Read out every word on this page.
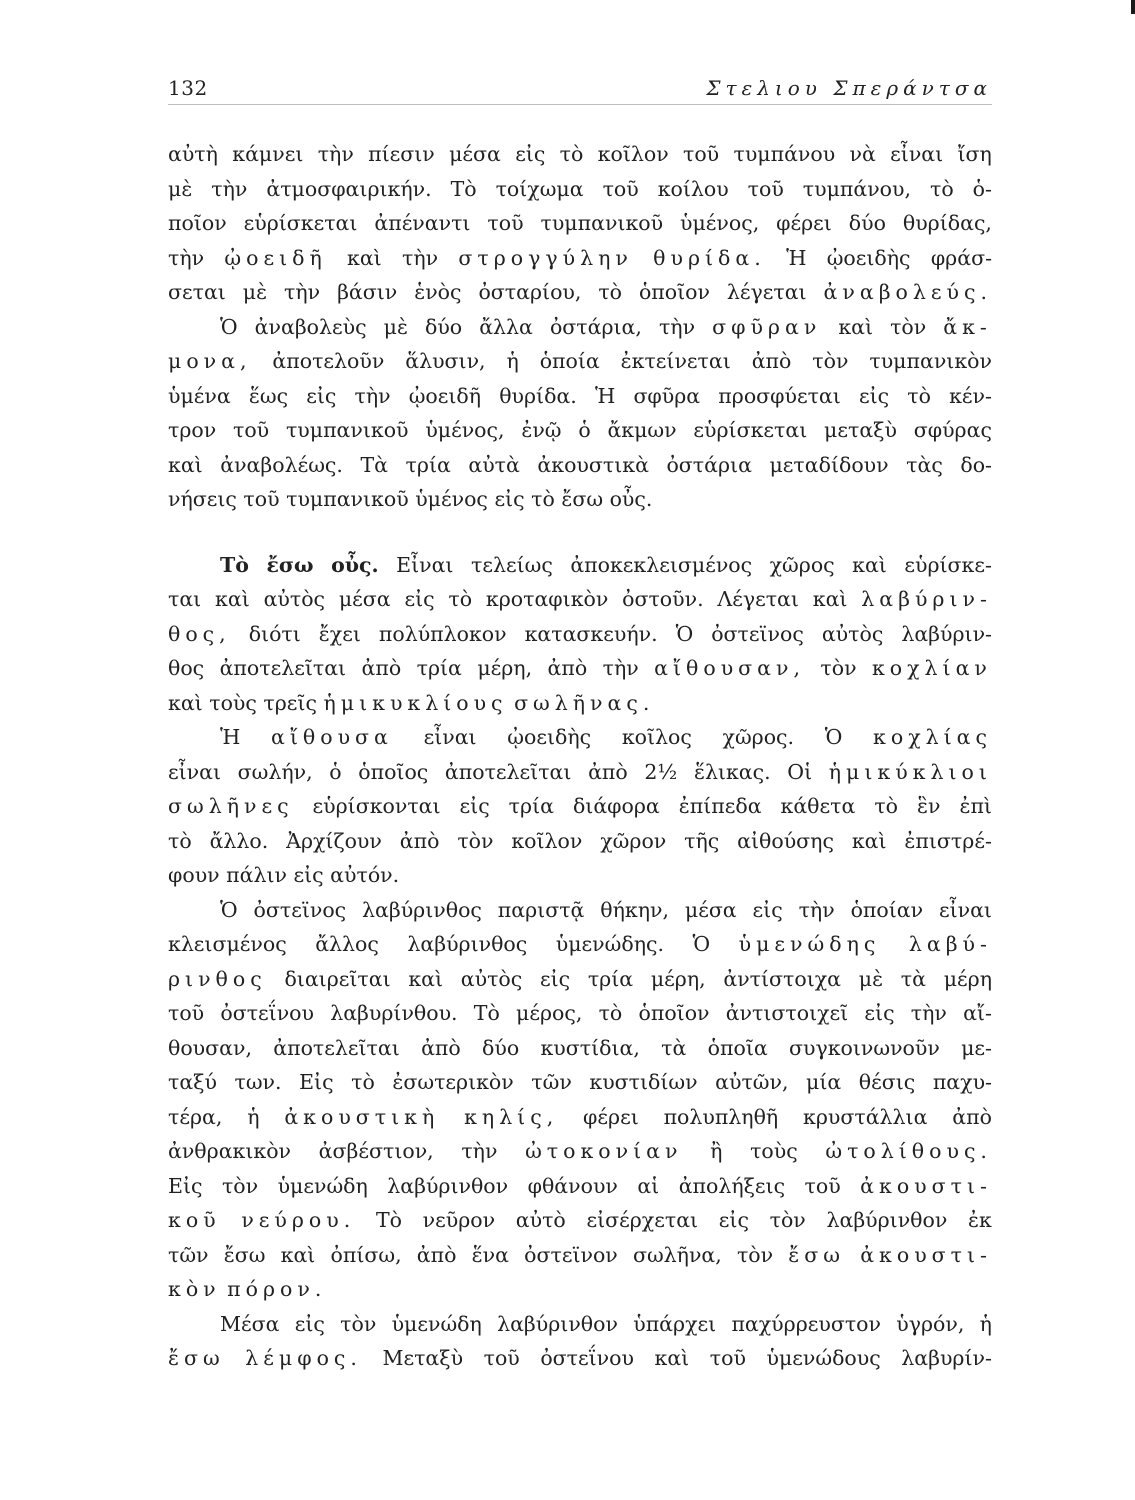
132	Στελιου Σπεράντσα
αὐτὴ κάμνει τὴν πίεσιν μέσα εἰς τὸ κοῖλον τοῦ τυμπάνου νὰ εἶναι ἴση
μὲ τὴν ἀτμοσφαιρικήν. Τὸ τοίχωμα τοῦ κοίλου τοῦ τυμπάνου, τὸ ὁ-
ποῖον εὑρίσκεται ἀπέναντι τοῦ τυμπανικοῦ ὑμένος, φέρει δύο θυρίδας,
τὴν ᾠοειδῆ καὶ τὴν στρογγύλην θυρίδα. Ἡ ᾠοειδὴς φράσ-
σεται μὲ τὴν βάσιν ἑνὸς ὀσταρίου, τὸ ὁποῖον λέγεται ἀναβολεύς.
Ὁ ἀναβολεὺς μὲ δύο ἄλλα ὀστάρια, τὴν σφῦραν καὶ τὸν ἄκ-
μονα, ἀποτελοῦν ἅλυσιν, ἡ ὁποία ἐκτείνεται ἀπὸ τὸν τυμπανικὸν
ὑμένα ἕως εἰς τὴν ᾠοειδῆ θυρίδα. Ἡ σφῦρα προσφύεται εἰς τὸ κέν-
τρον τοῦ τυμπανικοῦ ὑμένος, ἐνῷ ὁ ἄκμων εὑρίσκεται μεταξὺ σφύρας
καὶ ἀναβολέως. Τὰ τρία αὐτὰ ἀκουστικὰ ὀστάρια μεταδίδουν τὰς δο-
νήσεις
τοῦ
τυμπανικοῦ
ὑμένος
εἰς
τὸ
ἔσω
οὖς.
Τὸ ἔσω οὖς. Εἶναι τελείως ἀποκεκλεισμένος χῶρος καὶ εὑρίσκε-
ται καὶ αὐτὸς μέσα εἰς τὸ κροταφικὸν ὀστοῦν. Λέγεται καὶ λαβύριν-
θος, διότι ἔχει πολύπλοκον κατασκευήν. Ὁ ὀστεϊνος αὐτὸς λαβύριν-
θος ἀποτελεῖται ἀπὸ τρία μέρη, ἀπὸ τὴν αἴθουσαν, τὸν κοχλίαν
καὶ
τοὺς
τρεῖς
ἡμικυκλίους
σωλῆνας .
Ἡ αἴθουσα εἶναι ᾠοειδὴς κοῖλος χῶρος. Ὁ κοχλίας
εἶναι σωλήν, ὁ ὁποῖος ἀποτελεῖται ἀπὸ 2½ ἕλικας. Οἱ ἡμικύκλιοι
σωλῆνες εὑρίσκονται εἰς τρία διάφορα ἐπίπεδα κάθετα τὸ ἓν ἐπὶ
τὸ ἄλλο. Ἀρχίζουν ἀπὸ τὸν κοῖλον χῶρον τῆς αἰθούσης καὶ ἐπιστρέ-
φουν
πάλιν
εἰς
αὐτόν.
Ὁ ὀστεϊνος λαβύρινθος παριστᾷ θήκην, μέσα εἰς τὴν ὁποίαν εἶναι
κλεισμένος ἄλλος λαβύρινθος ὑμενώδης. Ὁ ὑμενώδης λαβύ-
ρινθος διαιρεῖται καὶ αὐτὸς εἰς τρία μέρη, ἀντίστοιχα μὲ τὰ μέρη
τοῦ ὀστεΐνου λαβυρίνθου. Τὸ μέρος, τὸ ὁποῖον ἀντιστοιχεῖ εἰς τὴν αἴ-
θουσαν, ἀποτελεῖται ἀπὸ δύο κυστίδια, τὰ ὁποῖα συγκοινωνοῦν με-
ταξύ των. Εἰς τὸ ἐσωτερικὸν τῶν κυστιδίων αὐτῶν, μία θέσις παχυ-
τέρα, ἡ ἀκουστικὴ κηλίς, φέρει πολυπληθῆ κρυστάλλια ἀπὸ
ἀνθρακικὸν ἀσβέστιον, τὴν ὠτοκονίαν ἢ τοὺς ὠτολίθους.
Εἰς τὸν ὑμενώδη λαβύρινθον φθάνουν αἱ ἀπολήξεις τοῦ ἀκουστι-
κοῦ νεύρου. Τὸ νεῦρον αὐτὸ εἰσέρχεται εἰς τὸν λαβύρινθον ἐκ
τῶν ἔσω καὶ ὀπίσω, ἀπὸ ἕνα ὀστεϊνον σωλῆνα, τὸν ἔσω ἀκουστι-
κὸν
πόρον .
Μέσα εἰς τὸν ὑμενώδη λαβύρινθον ὑπάρχει παχύρρευστον ὑγρόν, ἡ
ἔσω λέμφος. Μεταξὺ τοῦ ὀστεΐνου καὶ τοῦ ὑμενώδους λαβυρίν-
